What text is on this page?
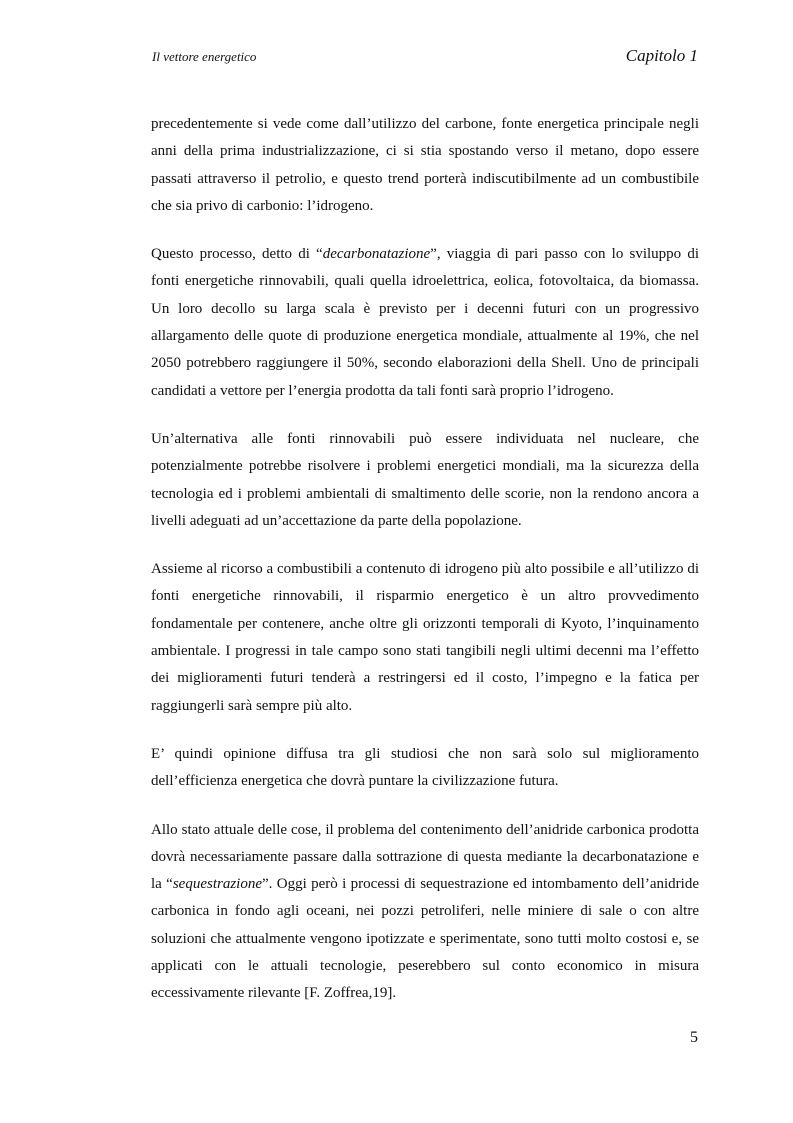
Il vettore energetico	Capitolo 1

precedentemente si vede come dall’utilizzo del carbone, fonte energetica principale negli anni della prima industrializzazione, ci si stia spostando verso il metano, dopo essere passati attraverso il petrolio, e questo trend porterà indiscutibilmente ad un combustibile che sia privo di carbonio: l’idrogeno.

Questo processo, detto di “decarbonatazione”, viaggia di pari passo con lo sviluppo di fonti energetiche rinnovabili, quali quella idroelettrica, eolica, fotovoltaica, da biomassa. Un loro decollo su larga scala è previsto per i decenni futuri con un progressivo allargamento delle quote di produzione energetica mondiale, attualmente al 19%, che nel 2050 potrebbero raggiungere il 50%, secondo elaborazioni della Shell. Uno de principali candidati a vettore per l’energia prodotta da tali fonti sarà proprio l’idrogeno.

Un’alternativa alle fonti rinnovabili può essere individuata nel nucleare, che potenzialmente potrebbe risolvere i problemi energetici mondiali, ma la sicurezza della tecnologia ed i problemi ambientali di smaltimento delle scorie, non la rendono ancora a livelli adeguati ad un’accettazione da parte della popolazione.

Assieme al ricorso a combustibili a contenuto di idrogeno più alto possibile e all’utilizzo di fonti energetiche rinnovabili, il risparmio energetico è un altro provvedimento fondamentale per contenere, anche oltre gli orizzonti temporali di Kyoto, l’inquinamento ambientale. I progressi in tale campo sono stati tangibili negli ultimi decenni ma l’effetto dei miglioramenti futuri tenderà a restringersi ed il costo, l’impegno e la fatica per raggiungerli sarà sempre più alto.

E’ quindi opinione diffusa tra gli studiosi che non sarà solo sul miglioramento dell’efficienza energetica che dovrà puntare la civilizzazione futura.

Allo stato attuale delle cose, il problema del contenimento dell’anidride carbonica prodotta dovrà necessariamente passare dalla sottrazione di questa mediante la decarbonatazione e la “sequestrazione”. Oggi però i processi di sequestrazione ed intombamento dell’anidride carbonica in fondo agli oceani, nei pozzi petroliferi, nelle miniere di sale o con altre soluzioni che attualmente vengono ipotizzate e sperimentate, sono tutti molto costosi e, se applicati con le attuali tecnologie, peserebbero sul conto economico in misura eccessivamente rilevante [F. Zoffrea,19].

5
